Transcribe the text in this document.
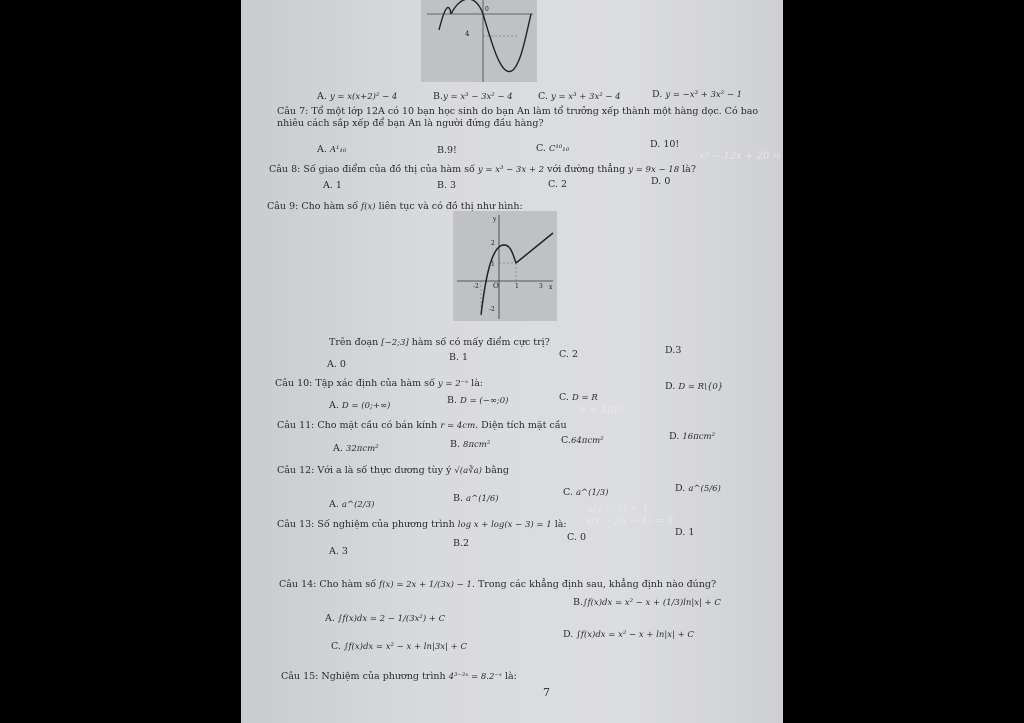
4
0
A. y = x(x+2)² − 4	B.y = x³ − 3x² − 4	C. y = x³ + 3x² − 4	D. y = −x³ + 3x² − 1
Câu 7: Tổ một lớp 12A có 10 bạn học sinh do bạn An làm tổ trưởng xếp thành một hàng dọc. Có bao
nhiêu cách sắp xếp để bạn An là người đứng đầu hàng?
A. A¹₁₀	B.9!	C. C¹⁰₁₀	D. 10!
Câu 8: Số giao điểm của đồ thị của hàm số y = x³ − 3x + 2 với đường thẳng y = 9x − 18 là?
x³ − 12x + 20 =
A. 1	B. 3	C. 2	D. 0
Câu 9: Cho hàm số f(x) liên tục và có đồ thị như hình:
y
x
O
2
1
-2	1	3
-2
Trên đoạn [−2;3] hàm số có mấy điểm cực trị?
A. 0
B. 1	C. 2	D.3
Câu 10: Tập xác định của hàm số y = 2⁻ˣ là:
A. D = (0;+∞)	B. D = (−∞;0)	C. D = R
D. D = R\{0}
Câu 11: Cho mặt cầu có bán kính r = 4cm. Diện tích mặt cầu
S = 4πR²
A. 32πcm²	B. 8πcm²	C.64πcm²	D. 16πcm²
Câu 12: Với a là số thực dương tùy ý √(a∛a) bằng
A. a^(2/3)
B. a^(1/6)
C. a^(1/3)	D. a^(5/6)
Câu 13: Số nghiệm của phương trình log x + log(x − 3) = 1 là:
x(x − 3) = 1
x(x − 3x − 1) = 0
A. 3
B.2
C. 0	D. 1
Câu 14: Cho hàm số f(x) = 2x + 1/(3x) − 1. Trong các khẳng định sau, khẳng định nào đúng?
A. ∫f(x)dx = 2 − 1/(3x²) + C
B.∫f(x)dx = x² − x + (1/3)ln|x| + C
C. ∫f(x)dx = x² − x + ln|3x| + C
D. ∫f(x)dx = x² − x + ln|x| + C
Câu 15: Nghiệm của phương trình 4³⁻²ˣ = 8.2⁻ˣ là:
7
